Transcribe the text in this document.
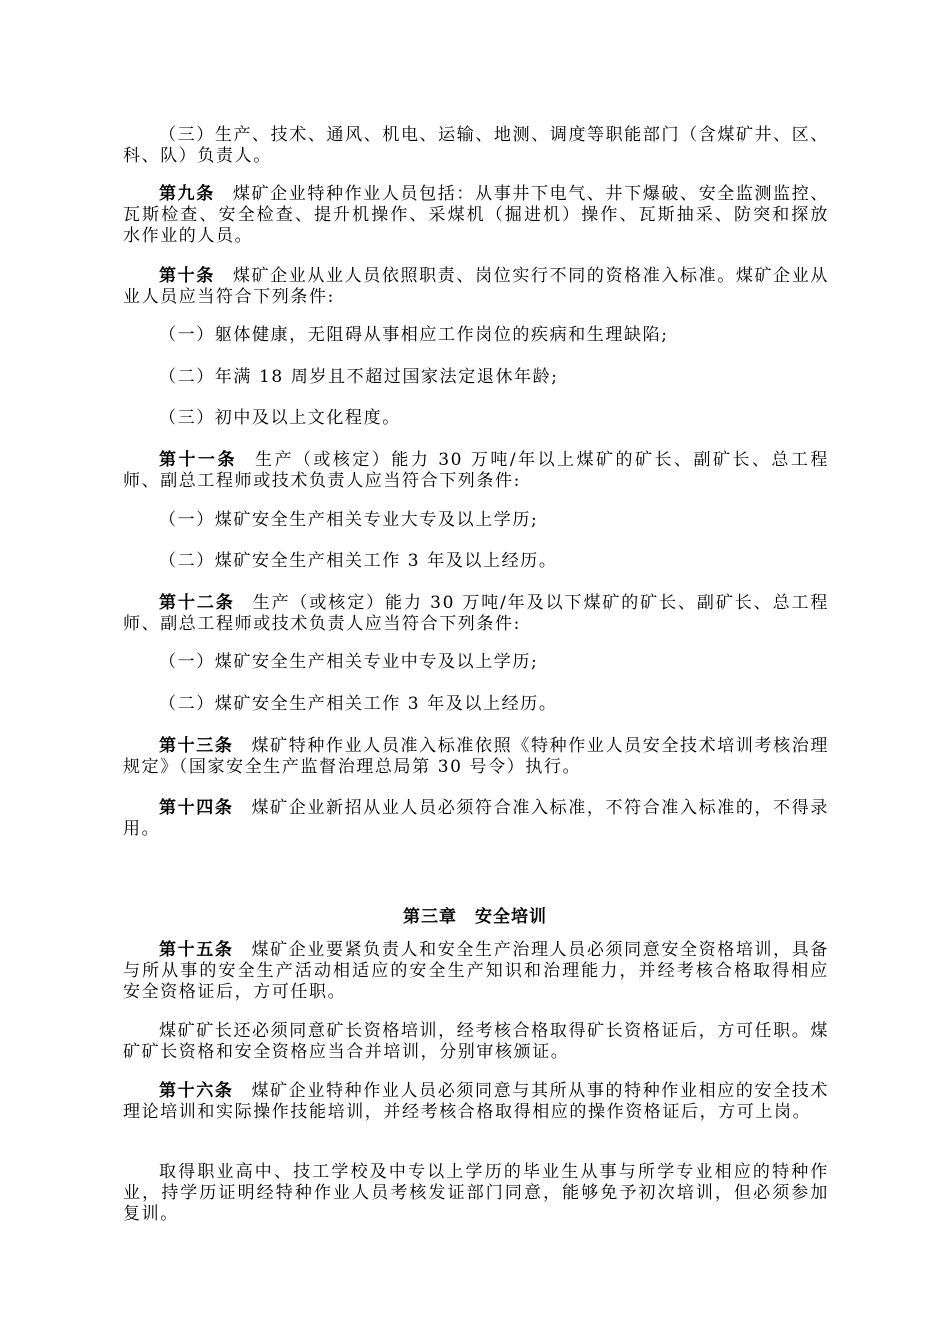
（三）生产、技术、通风、机电、运输、地测、调度等职能部门（含煤矿井、区、科、队）负责人。

第九条 煤矿企业特种作业人员包括：从事井下电气、井下爆破、安全监测监控、瓦斯检查、安全检查、提升机操作、采煤机（掘进机）操作、瓦斯抽采、防突和探放水作业的人员。

第十条 煤矿企业从业人员依照职责、岗位实行不同的资格准入标准。煤矿企业从业人员应当符合下列条件:

（一）躯体健康，无阻碍从事相应工作岗位的疾病和生理缺陷;

（二）年满 18 周岁且不超过国家法定退休年龄;

（三）初中及以上文化程度。

第十一条 生产（或核定）能力 30 万吨/年以上煤矿的矿长、副矿长、总工程师、副总工程师或技术负责人应当符合下列条件:

（一）煤矿安全生产相关专业大专及以上学历;

（二）煤矿安全生产相关工作 3 年及以上经历。

第十二条 生产（或核定）能力 30 万吨/年及以下煤矿的矿长、副矿长、总工程师、副总工程师或技术负责人应当符合下列条件:

（一）煤矿安全生产相关专业中专及以上学历;

（二）煤矿安全生产相关工作 3 年及以上经历。

第十三条 煤矿特种作业人员准入标准依照《特种作业人员安全技术培训考核治理规定》（国家安全生产监督治理总局第 30 号令）执行。

第十四条 煤矿企业新招从业人员必须符合准入标准，不符合准入标准的，不得录用。

第三章　安全培训

第十五条 煤矿企业要紧负责人和安全生产治理人员必须同意安全资格培训，具备与所从事的安全生产活动相适应的安全生产知识和治理能力，并经考核合格取得相应安全资格证后，方可任职。

煤矿矿长还必须同意矿长资格培训，经考核合格取得矿长资格证后，方可任职。煤矿矿长资格和安全资格应当合并培训，分别审核颁证。

第十六条 煤矿企业特种作业人员必须同意与其所从事的特种作业相应的安全技术理论培训和实际操作技能培训，并经考核合格取得相应的操作资格证后，方可上岗。

取得职业高中、技工学校及中专以上学历的毕业生从事与所学专业相应的特种作业，持学历证明经特种作业人员考核发证部门同意，能够免予初次培训，但必须参加复训。
